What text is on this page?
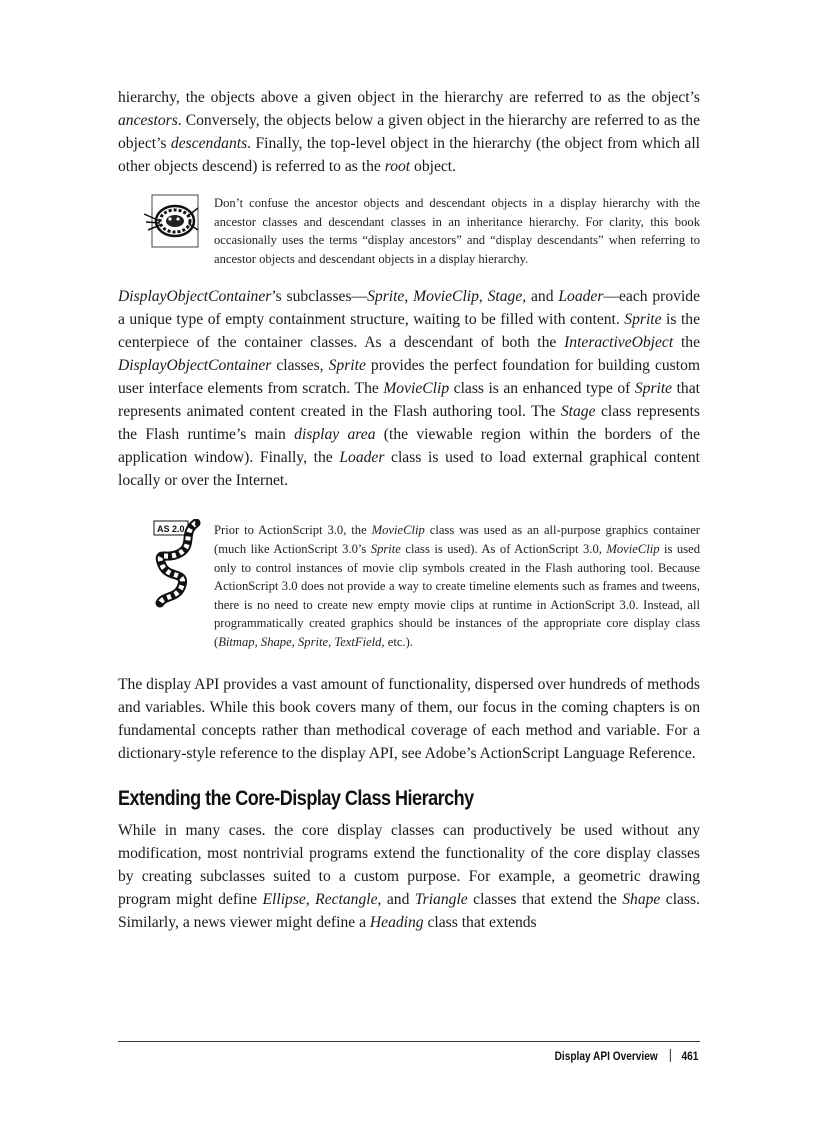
hierarchy, the objects above a given object in the hierarchy are referred to as the object’s ancestors. Conversely, the objects below a given object in the hierarchy are referred to as the object’s descendants. Finally, the top-level object in the hierarchy (the object from which all other objects descend) is referred to as the root object.

Don’t confuse the ancestor objects and descendant objects in a display hierarchy with the ancestor classes and descendant classes in an inheritance hierarchy. For clarity, this book occasionally uses the terms “display ancestors” and “display descendants” when referring to ancestor objects and descendant objects in a display hierarchy.

DisplayObjectContainer’s subclasses—Sprite, MovieClip, Stage, and Loader—each provide a unique type of empty containment structure, waiting to be filled with content. Sprite is the centerpiece of the container classes. As a descendant of both the InteractiveObject the DisplayObjectContainer classes, Sprite provides the perfect foundation for building custom user interface elements from scratch. The MovieClip class is an enhanced type of Sprite that represents animated content created in the Flash authoring tool. The Stage class represents the Flash runtime’s main display area (the viewable region within the borders of the application window). Finally, the Loader class is used to load external graphical content locally or over the Internet.

AS 2.0 Prior to ActionScript 3.0, the MovieClip class was used as an all-purpose graphics container (much like ActionScript 3.0’s Sprite class is used). As of ActionScript 3.0, MovieClip is used only to control instances of movie clip symbols created in the Flash authoring tool. Because ActionScript 3.0 does not provide a way to create timeline elements such as frames and tweens, there is no need to create new empty movie clips at runtime in ActionScript 3.0. Instead, all programmatically created graphics should be instances of the appropriate core display class (Bitmap, Shape, Sprite, TextField, etc.).

The display API provides a vast amount of functionality, dispersed over hundreds of methods and variables. While this book covers many of them, our focus in the coming chapters is on fundamental concepts rather than methodical coverage of each method and variable. For a dictionary-style reference to the display API, see Adobe’s ActionScript Language Reference.

Extending the Core-Display Class Hierarchy

While in many cases. the core display classes can productively be used without any modification, most nontrivial programs extend the functionality of the core display classes by creating subclasses suited to a custom purpose. For example, a geometric drawing program might define Ellipse, Rectangle, and Triangle classes that extend the Shape class. Similarly, a news viewer might define a Heading class that extends

Display API Overview 461
